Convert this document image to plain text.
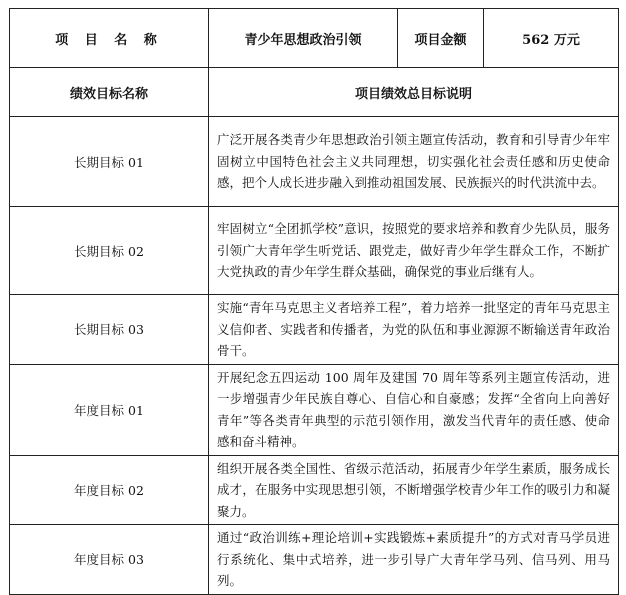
项 目 名 称	青少年思想政治引领	项目金额	562 万元
绩效目标名称	项目绩效总目标说明		
长期目标 01	广泛开展各类青少年思想政治引领主题宣传活动，教育和引导青少年牢固树立中国特色社会主义共同理想，切实强化社会责任感和历史使命感，把个人成长进步融入到推动祖国发展、民族振兴的时代洪流中去。		
长期目标 02	牢固树立“全团抓学校”意识，按照党的要求培养和教育少先队员，服务引领广大青年学生听党话、跟党走，做好青少年学生群众工作，不断扩大党执政的青少年学生群众基础，确保党的事业后继有人。		
长期目标 03	实施“青年马克思主义者培养工程”，着力培养一批坚定的青年马克思主义信仰者、实践者和传播者，为党的队伍和事业源源不断输送青年政治骨干。		
年度目标 01	开展纪念五四运动 100 周年及建国 70 周年等系列主题宣传活动，进一步增强青少年民族自尊心、自信心和自豪感；发挥“全省向上向善好青年”等各类青年典型的示范引领作用，激发当代青年的责任感、使命感和奋斗精神。		
年度目标 02	组织开展各类全国性、省级示范活动，拓展青少年学生素质，服务成长成才，在服务中实现思想引领，不断增强学校青少年工作的吸引力和凝聚力。		
年度目标 03	通过“政治训练+理论培训+实践锻炼+素质提升”的方式对青马学员进行系统化、集中式培养，进一步引导广大青年学马列、信马列、用马列。		
